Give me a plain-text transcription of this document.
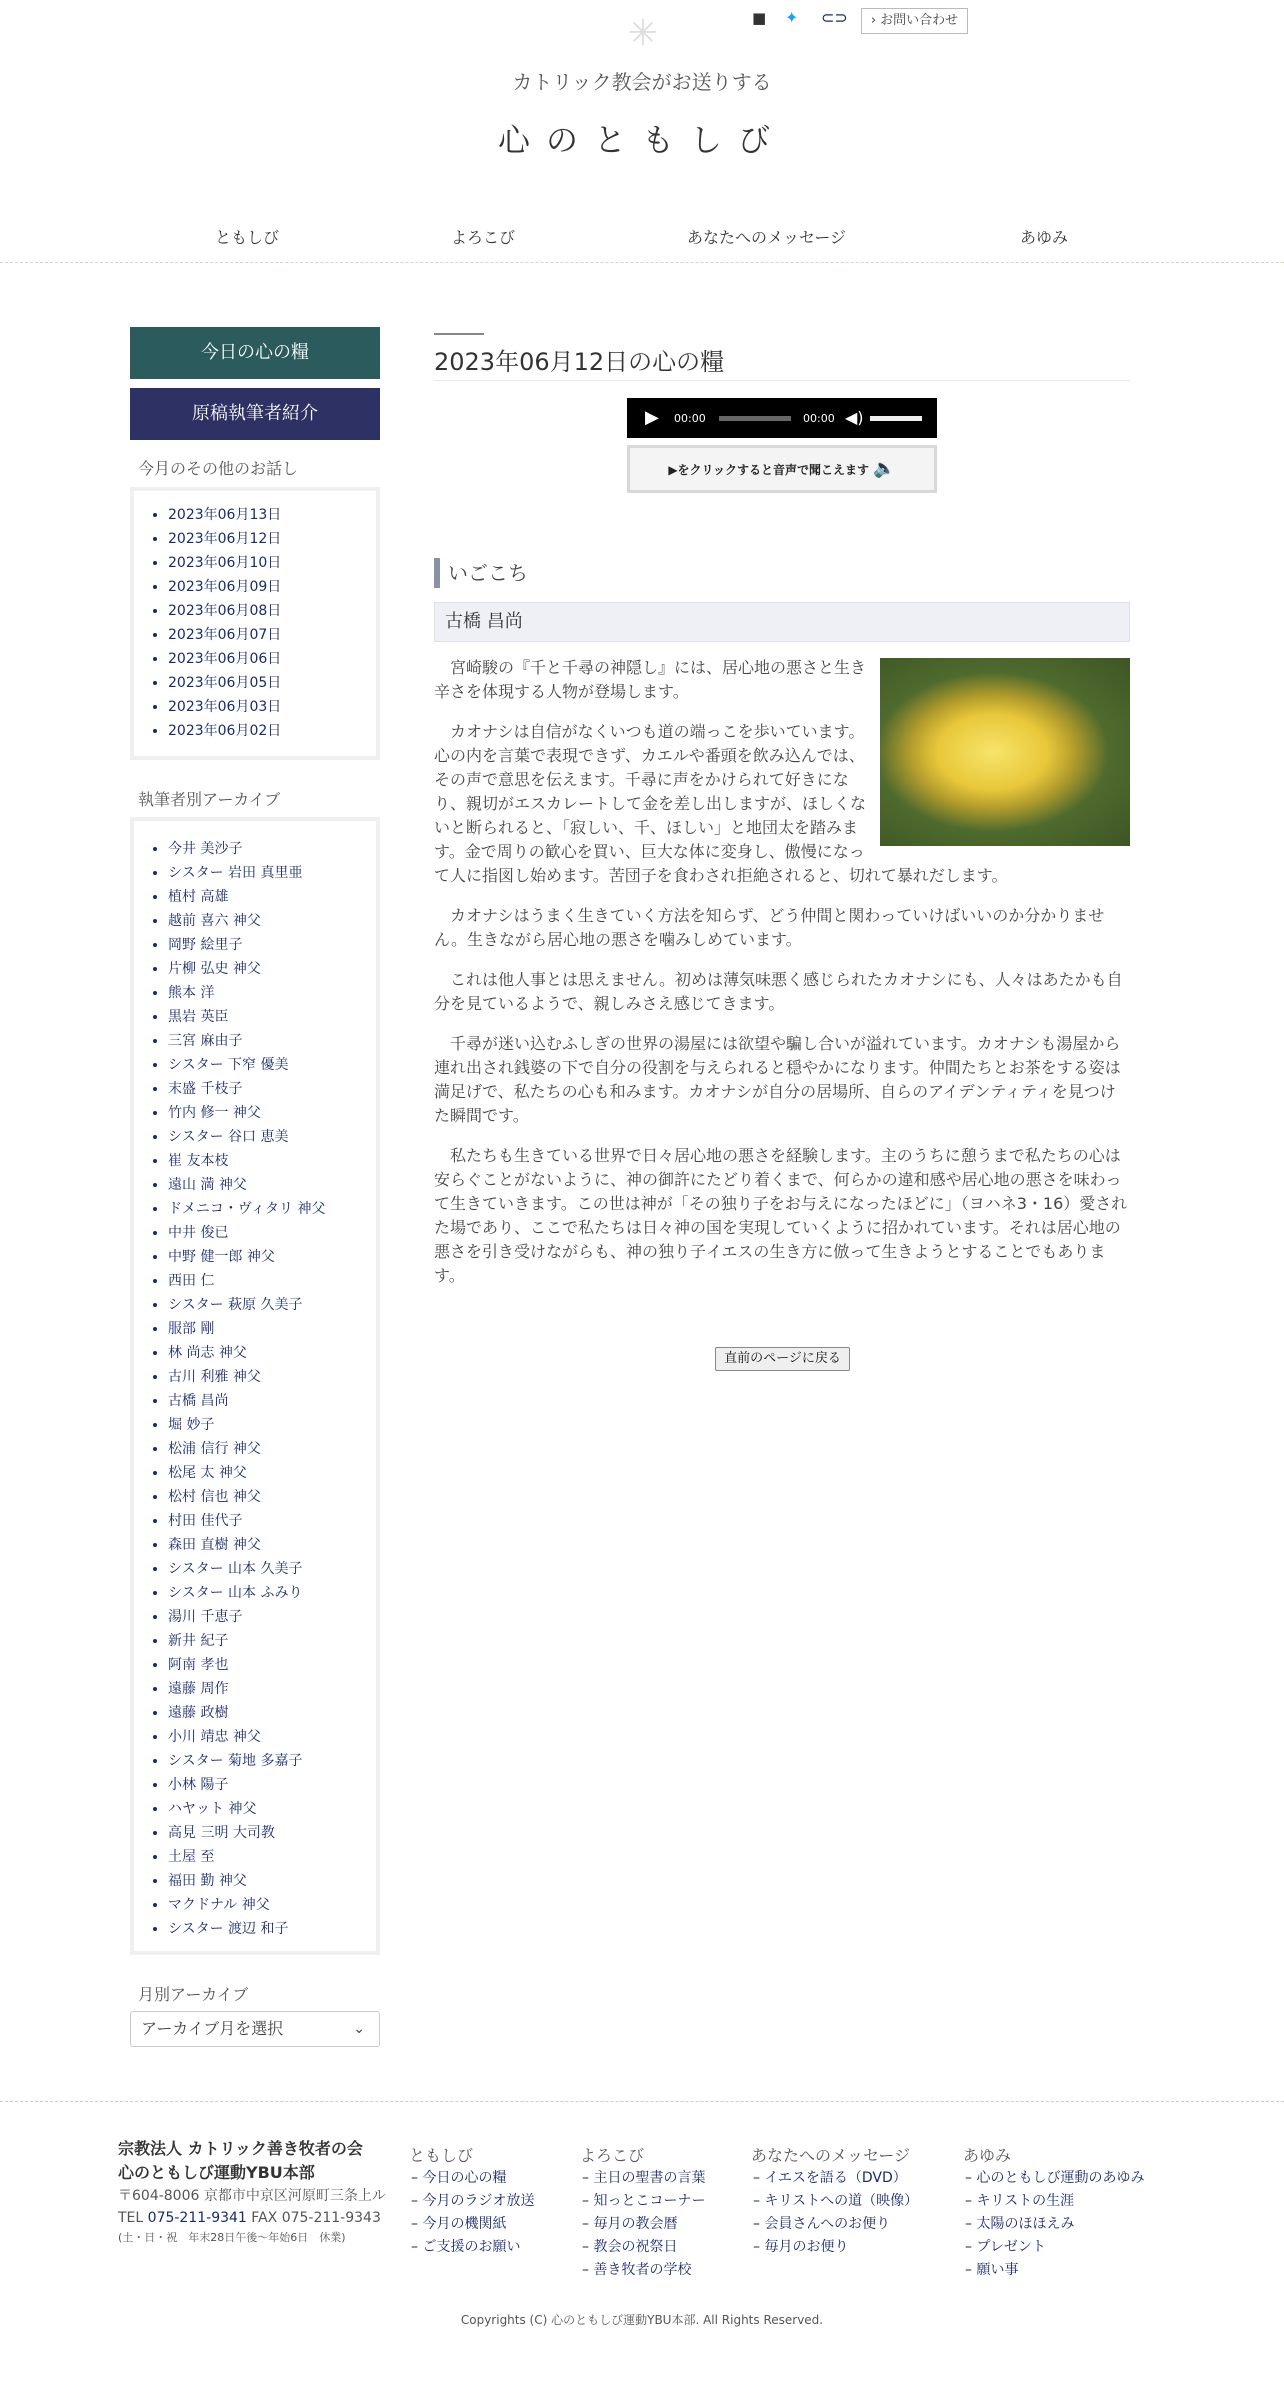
✳	■ ✦ ⊂⊃	› お問い合わせ
カトリック教会がお送りする
心のともしび
ともしび	よろこび	あなたへのメッセージ	あゆみ
今日の心の糧
原稿執筆者紹介
今月のその他のお話し
• 2023年06月13日
• 2023年06月12日
• 2023年06月10日
• 2023年06月09日
• 2023年06月08日
• 2023年06月07日
• 2023年06月06日
• 2023年06月05日
• 2023年06月03日
• 2023年06月02日
執筆者別アーカイブ
• 今井 美沙子
• シスター 岩田 真里亜
• 植村 高雄
• 越前 喜六 神父
• 岡野 絵里子
• 片柳 弘史 神父
• 熊本 洋
• 黒岩 英臣
• 三宮 麻由子
• シスター 下窄 優美
• 末盛 千枝子
• 竹内 修一 神父
• シスター 谷口 恵美
• 崔 友本枝
• 遠山 満 神父
• ドメニコ・ヴィタリ 神父
• 中井 俊已
• 中野 健一郎 神父
• 西田 仁
• シスター 萩原 久美子
• 服部 剛
• 林 尚志 神父
• 古川 利雅 神父
• 古橋 昌尚
• 堀 妙子
• 松浦 信行 神父
• 松尾 太 神父
• 松村 信也 神父
• 村田 佳代子
• 森田 直樹 神父
• シスター 山本 久美子
• シスター 山本 ふみり
• 湯川 千恵子
• 新井 紀子
• 阿南 孝也
• 遠藤 周作
• 遠藤 政樹
• 小川 靖忠 神父
• シスター 菊地 多嘉子
• 小林 陽子
• ハヤット 神父
• 高見 三明 大司教
• 土屋 至
• 福田 勤 神父
• マクドナル 神父
• シスター 渡辺 和子
月別アーカイブ
アーカイブ月を選択	⌄
2023年06月12日の心の糧
▶ 00:00	00:00 ◀)
▶をクリックすると音声で聞こえます 🔈
いごこち
古橋 昌尚

宮崎駿の『千と千尋の神隠し』には、居心地の悪さと生き辛さを体現する人物が登場します。

カオナシは自信がなくいつも道の端っこを歩いています。心の内を言葉で表現できず、カエルや番頭を飲み込んでは、その声で意思を伝えます。千尋に声をかけられて好きになり、親切がエスカレートして金を差し出しますが、ほしくないと断られると、「寂しい、千、ほしい」と地団太を踏みます。金で周りの歓心を買い、巨大な体に変身し、傲慢になって人に指図し始めます。苦団子を食わされ拒絶されると、切れて暴れだします。

カオナシはうまく生きていく方法を知らず、どう仲間と関わっていけばいいのか分かりません。生きながら居心地の悪さを噛みしめています。

これは他人事とは思えません。初めは薄気味悪く感じられたカオナシにも、人々はあたかも自分を見ているようで、親しみさえ感じてきます。

千尋が迷い込むふしぎの世界の湯屋には欲望や騙し合いが溢れています。カオナシも湯屋から連れ出され銭婆の下で自分の役割を与えられると穏やかになります。仲間たちとお茶をする姿は満足げで、私たちの心も和みます。カオナシが自分の居場所、自らのアイデンティティを見つけた瞬間です。

私たちも生きている世界で日々居心地の悪さを経験します。主のうちに憩うまで私たちの心は安らぐことがないように、神の御許にたどり着くまで、何らかの違和感や居心地の悪さを味わって生きていきます。この世は神が「その独り子をお与えになったほどに」（ヨハネ3・16）愛された場であり、ここで私たちは日々神の国を実現していくように招かれています。それは居心地の悪さを引き受けながらも、神の独り子イエスの生き方に倣って生きようとすることでもあります。

直前のページに戻る
宗教法人 カトリック善き牧者の会
心のともしび運動YBU本部
〒604-8006 京都市中京区河原町三条上ル
TEL 075-211-9341 FAX 075-211-9343
(土・日・祝　年末28日午後〜年始6日　休業)
ともしび
– 今日の心の糧
– 今月のラジオ放送
– 今月の機関紙
– ご支援のお願い
よろこび
– 主日の聖書の言葉
– 知っとこコーナー
– 毎月の教会暦
– 教会の祝祭日
– 善き牧者の学校
あなたへのメッセージ
– イエスを語る（DVD）
– キリストへの道（映像）
– 会員さんへのお便り
– 毎月のお便り
あゆみ
– 心のともしび運動のあゆみ
– キリストの生涯
– 太陽のほほえみ
– プレゼント
– 願い事
Copyrights (C) 心のともしび運動YBU本部. All Rights Reserved.
